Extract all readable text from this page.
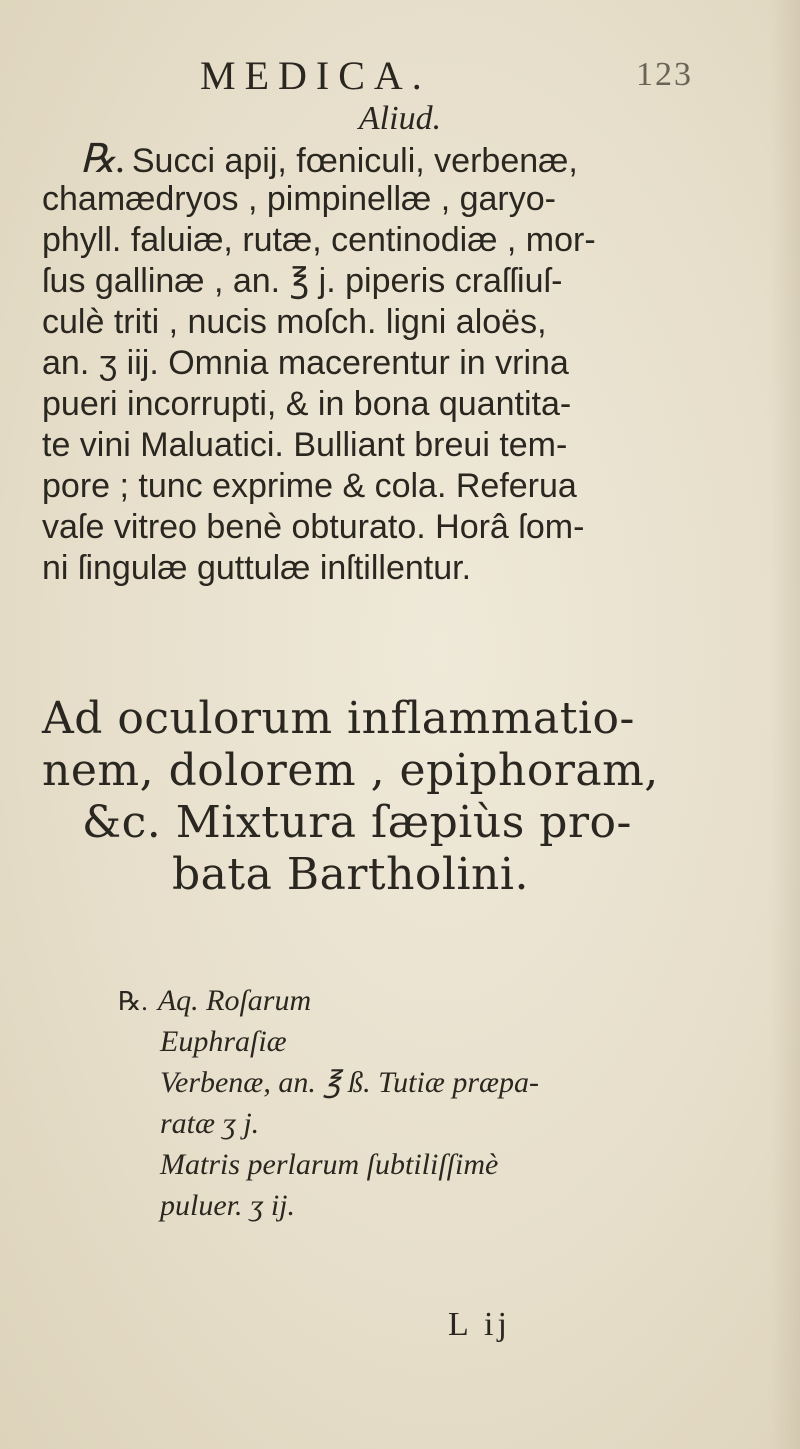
MEDICA.	123
Aliud.
℞. Succi apij, fœniculi, verbenæ,
chamædryos , pimpinellæ , garyo-
phyll. faluiæ, rutæ, centinodiæ , mor-
ſus gallinæ , an. ℥ j. piperis craſſiuſ-
culè triti , nucis moſch. ligni aloës,
an. ʒ iij. Omnia macerentur in vrina
pueri incorrupti, & in bona quantita-
te vini Maluatici. Bulliant breui tem-
pore ; tunc exprime & cola. Referua
vaſe vitreo benè obturato. Horâ ſom-
ni ſingulæ guttulæ inſtillentur.
Ad oculorum inflammatio-
nem, dolorem , epiphoram,
&c. Mixtura ſæpiùs pro-
bata Bartholini.
℞. Aq. Roſarum
Euphraſiæ
Verbenæ, an. ℥ ß. Tutiæ præpa-
ratæ ʒ j.
Matris perlarum ſubtiliſſimè
puluer. ʒ ij.
L ij
